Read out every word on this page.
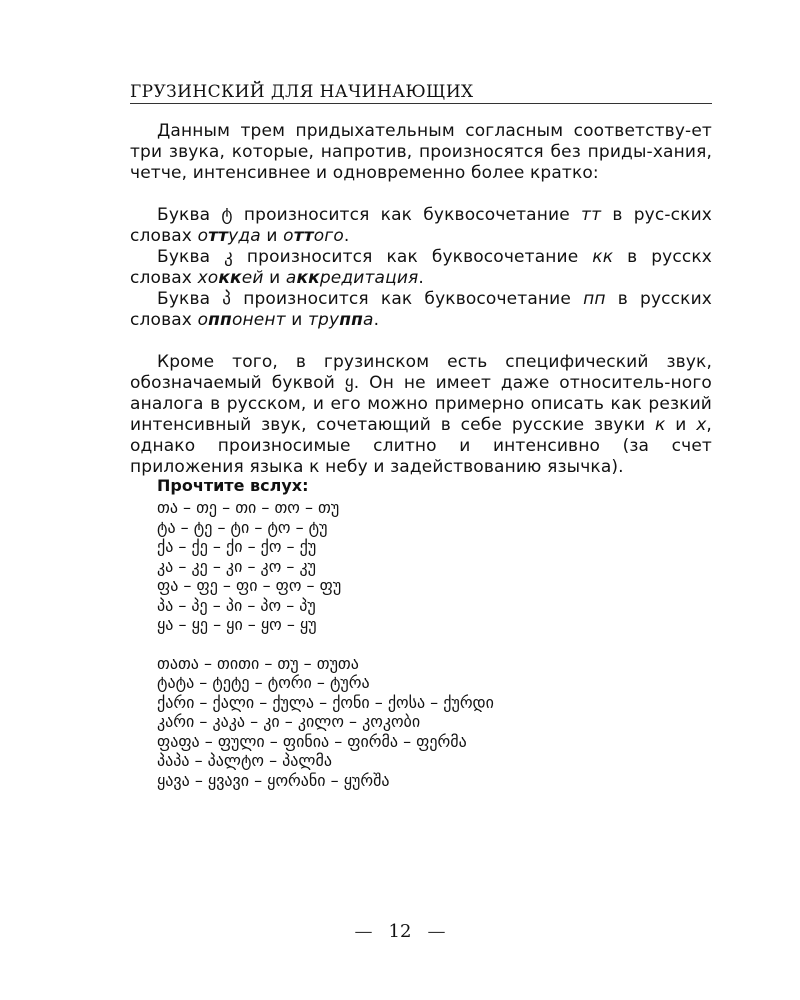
ГРУЗИНСКИЙ ДЛЯ НАЧИНАЮЩИХ

Данным трем придыхательным согласным соответству-ет три звука, которые, напротив, произносятся без приды-хания, четче, интенсивнее и одновременно более кратко:

Буква ტ произносится как буквосочетание тт в рус-ских словах оттуда и оттого.

Буква კ произносится как буквосочетание кк в русскх словах хоккей и аккредитация.

Буква პ произносится как буквосочетание пп в русских словах оппонент и труппа.

Кроме того, в грузинском есть специфический звук, обозначаемый буквой ყ. Он не имеет даже относитель-ного аналога в русском, и его можно примерно описать как резкий интенсивный звук, сочетающий в себе русские звуки к и х, однако произносимые слитно и интенсивно (за счет приложения языка к небу и задействованию язычка).

Прочтите вслух:
თა – თე – თი – თო – თუ
ტა – ტე – ტი – ტო – ტუ
ქა – ქე – ქი – ქო – ქუ
კა – კე – კი – კო – კუ
ფა – ფე – ფი – ფო – ფუ
პა – პე – პი – პო – პუ
ყა – ყე – ყი – ყო – ყუ
თათა – თითი – თუ – თუთა
ტატა – ტეტე – ტორი – ტურა
ქარი – ქალი – ქულა – ქონი – ქოსა – ქურდი
კარი – კაკა – კი – კილო – კოკობი
ფაფა – ფული – ფინია – ფირმა – ფერმა
პაპა – პალტო – პალმა
ყავა – ყვავი – ყორანი – ყურშა
— 12 —
